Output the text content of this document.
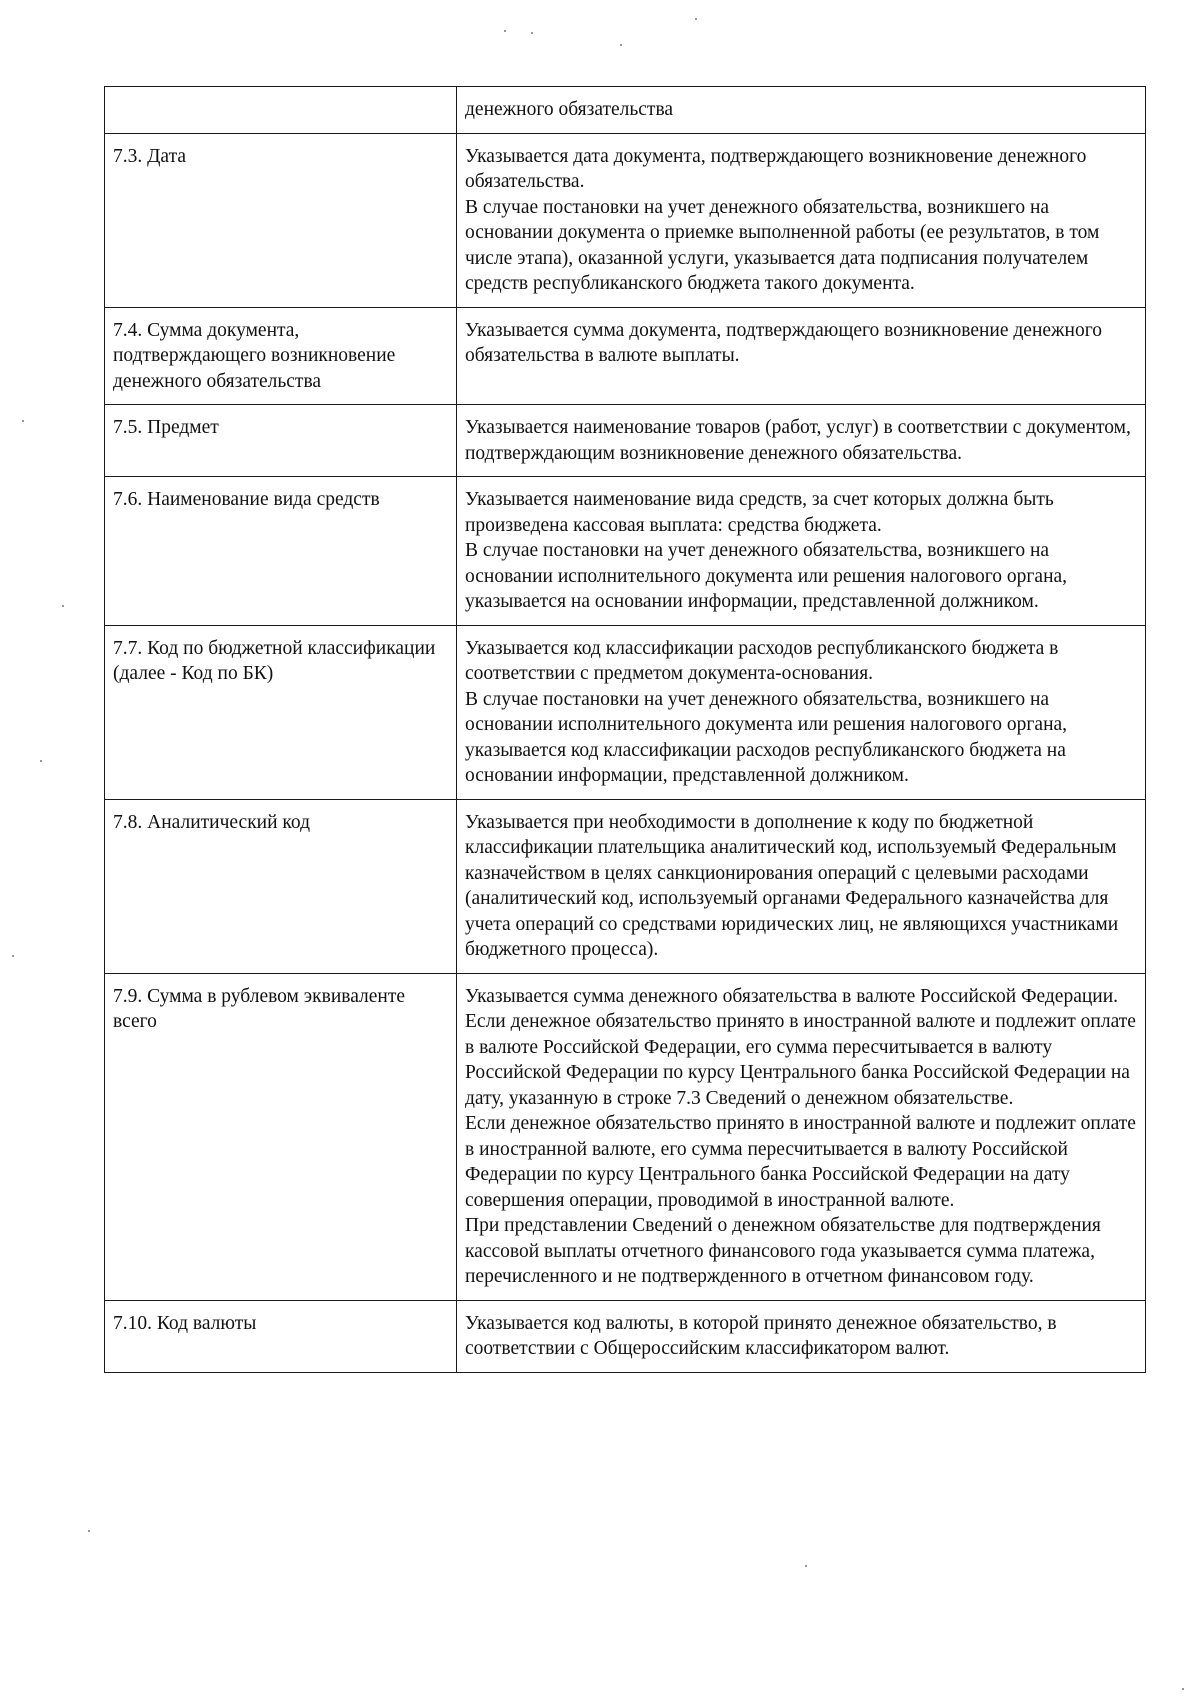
	денежного обязательства

7.3. Дата	Указывается дата документа, подтверждающего возникновение денежного обязательства.
В случае постановки на учет денежного обязательства, возникшего на основании документа о приемке выполненной работы (ее результатов, в том числе этапа), оказанной услуги, указывается дата подписания получателем средств республиканского бюджета такого документа.

7.4. Сумма документа, подтверждающего возникновение денежного обязательства	Указывается сумма документа, подтверждающего возникновение денежного обязательства в валюте выплаты.

7.5. Предмет	Указывается наименование товаров (работ, услуг) в соответствии с документом, подтверждающим возникновение денежного обязательства.

7.6. Наименование вида средств	Указывается наименование вида средств, за счет которых должна быть произведена кассовая выплата: средства бюджета.
В случае постановки на учет денежного обязательства, возникшего на основании исполнительного документа или решения налогового органа, указывается на основании информации, представленной должником.

7.7. Код по бюджетной классификации (далее - Код по БК)	Указывается код классификации расходов республиканского бюджета в соответствии с предметом документа-основания.
В случае постановки на учет денежного обязательства, возникшего на основании исполнительного документа или решения налогового органа, указывается код классификации расходов республиканского бюджета на основании информации, представленной должником.

7.8. Аналитический код	Указывается при необходимости в дополнение к коду по бюджетной классификации плательщика аналитический код, используемый Федеральным казначейством в целях санкционирования операций с целевыми расходами (аналитический код, используемый органами Федерального казначейства для учета операций со средствами юридических лиц, не являющихся участниками бюджетного процесса).

7.9. Сумма в рублевом эквиваленте всего	Указывается сумма денежного обязательства в валюте Российской Федерации.
Если денежное обязательство принято в иностранной валюте и подлежит оплате в валюте Российской Федерации, его сумма пересчитывается в валюту Российской Федерации по курсу Центрального банка Российской Федерации на дату, указанную в строке 7.3 Сведений о денежном обязательстве.
Если денежное обязательство принято в иностранной валюте и подлежит оплате в иностранной валюте, его сумма пересчитывается в валюту Российской Федерации по курсу Центрального банка Российской Федерации на дату совершения операции, проводимой в иностранной валюте.
При представлении Сведений о денежном обязательстве для подтверждения кассовой выплаты отчетного финансового года указывается сумма платежа, перечисленного и не подтвержденного в отчетном финансовом году.

7.10. Код валюты	Указывается код валюты, в которой принято денежное обязательство, в соответствии с Общероссийским классификатором валют.
